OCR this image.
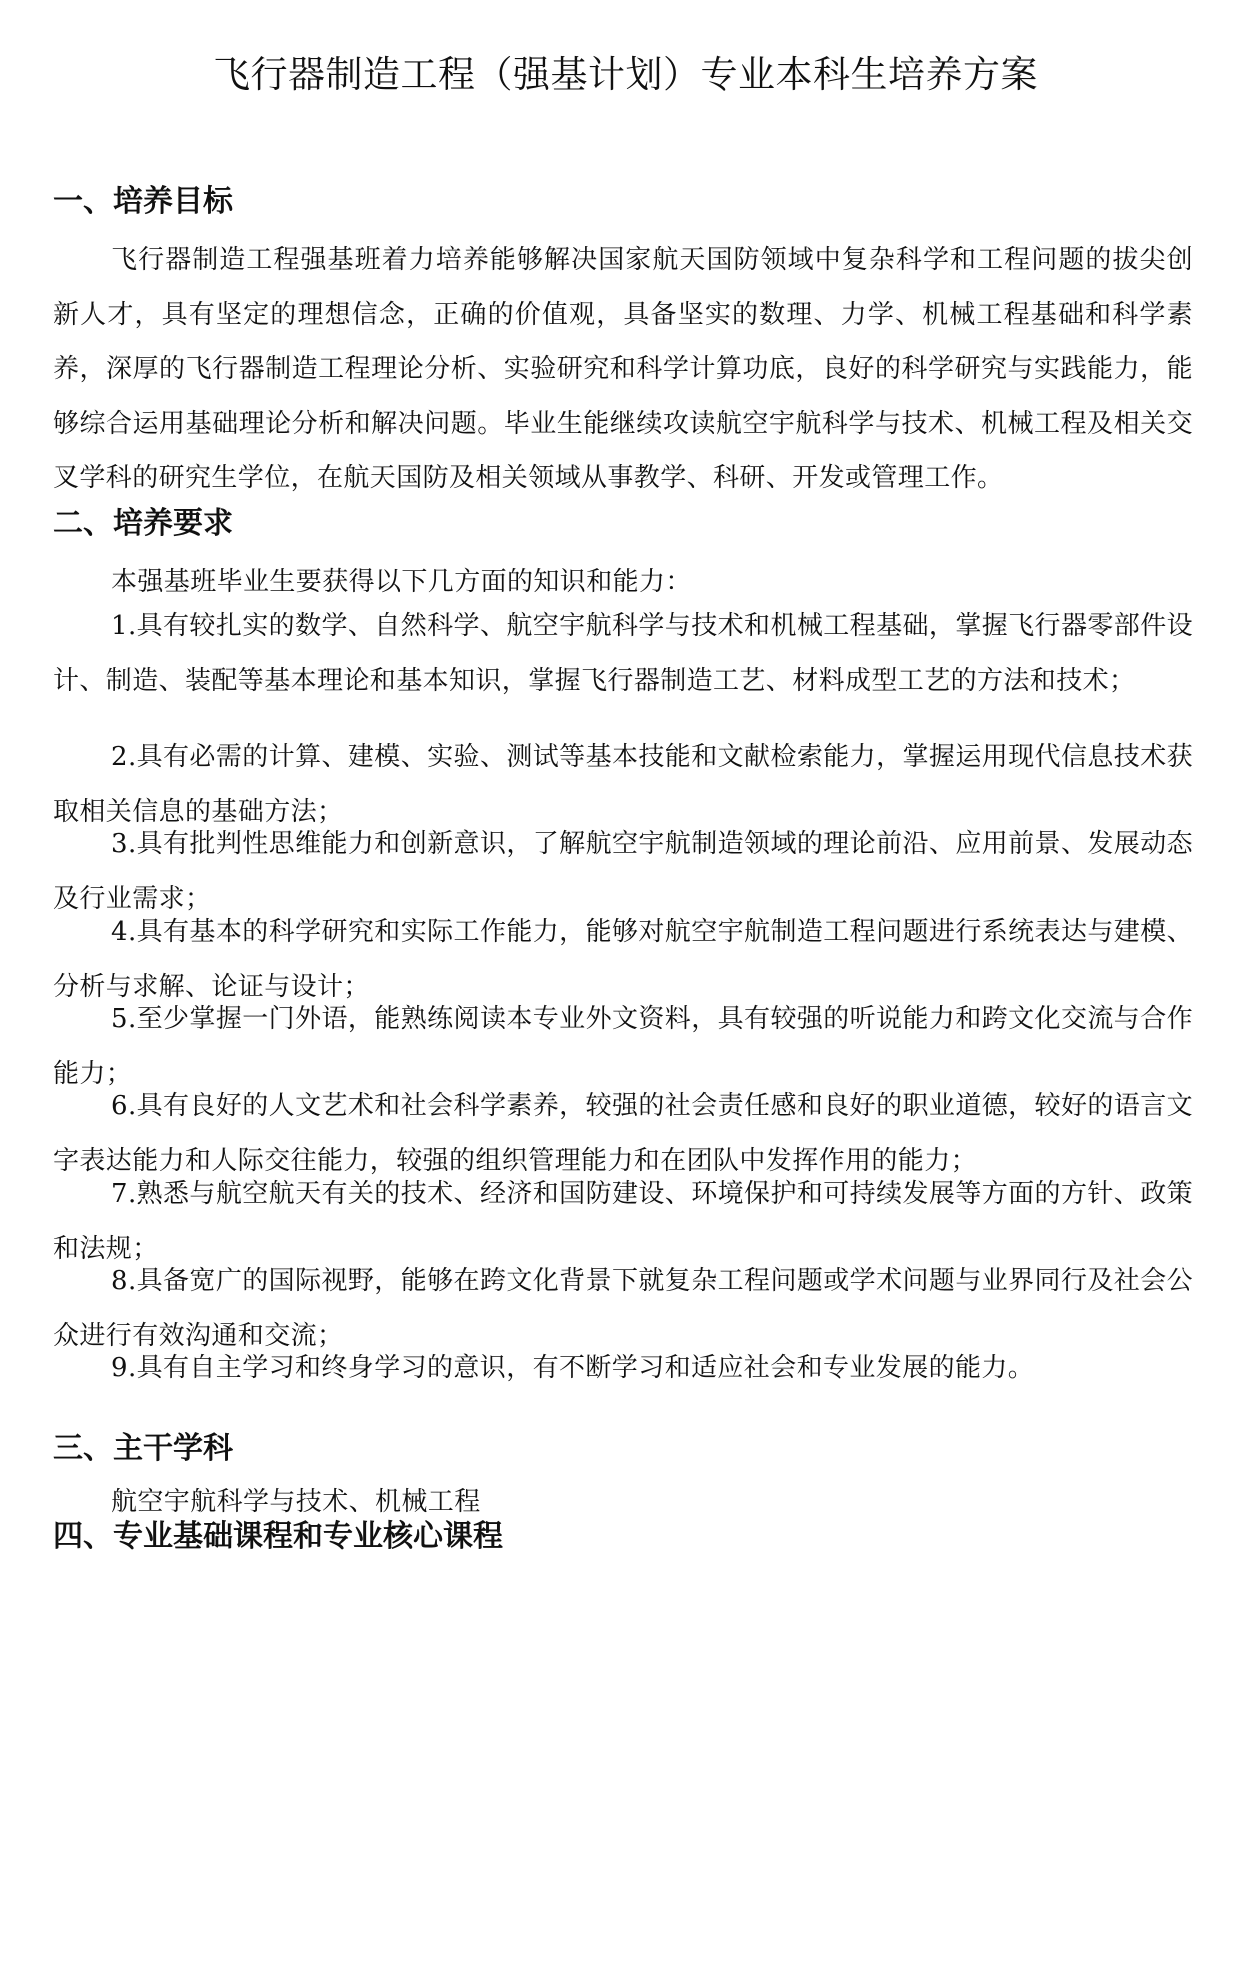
飞行器制造工程（强基计划）专业本科生培养方案
一、培养目标

飞行器制造工程强基班着力培养能够解决国家航天国防领域中复杂科学和工程问题的拔尖创新人才，具有坚定的理想信念，正确的价值观，具备坚实的数理、力学、机械工程基础和科学素养，深厚的飞行器制造工程理论分析、实验研究和科学计算功底，良好的科学研究与实践能力，能够综合运用基础理论分析和解决问题。毕业生能继续攻读航空宇航科学与技术、机械工程及相关交叉学科的研究生学位，在航天国防及相关领域从事教学、科研、开发或管理工作。

二、培养要求

本强基班毕业生要获得以下几方面的知识和能力：

1.具有较扎实的数学、自然科学、航空宇航科学与技术和机械工程基础，掌握飞行器零部件设计、制造、装配等基本理论和基本知识，掌握飞行器制造工艺、材料成型工艺的方法和技术；

2.具有必需的计算、建模、实验、测试等基本技能和文献检索能力，掌握运用现代信息技术获取相关信息的基础方法；

3.具有批判性思维能力和创新意识，了解航空宇航制造领域的理论前沿、应用前景、发展动态及行业需求；

4.具有基本的科学研究和实际工作能力，能够对航空宇航制造工程问题进行系统表达与建模、分析与求解、论证与设计；

5.至少掌握一门外语，能熟练阅读本专业外文资料，具有较强的听说能力和跨文化交流与合作能力；

6.具有良好的人文艺术和社会科学素养，较强的社会责任感和良好的职业道德，较好的语言文字表达能力和人际交往能力，较强的组织管理能力和在团队中发挥作用的能力；

7.熟悉与航空航天有关的技术、经济和国防建设、环境保护和可持续发展等方面的方针、政策和法规；

8.具备宽广的国际视野，能够在跨文化背景下就复杂工程问题或学术问题与业界同行及社会公众进行有效沟通和交流；

9.具有自主学习和终身学习的意识，有不断学习和适应社会和专业发展的能力。

三、主干学科

航空宇航科学与技术、机械工程

四、专业基础课程和专业核心课程
